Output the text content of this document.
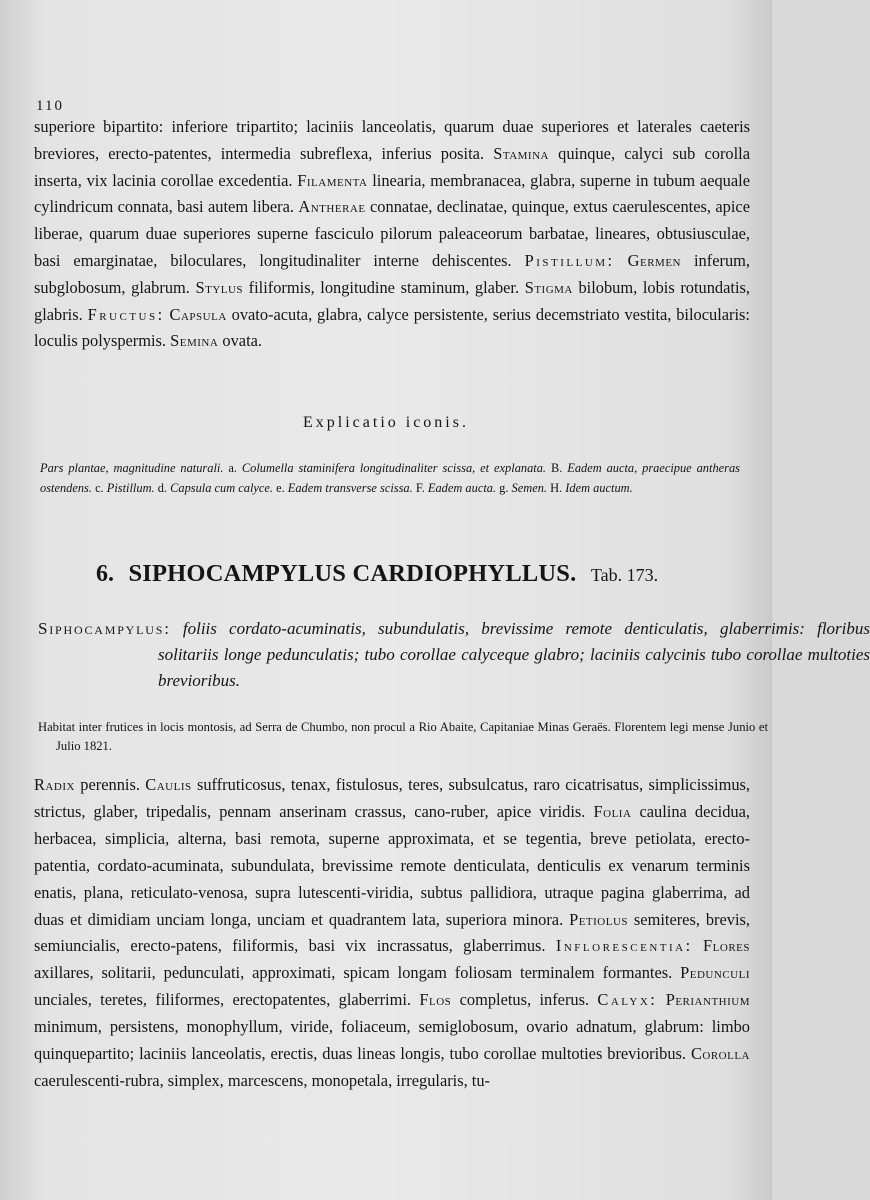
110

superiore bipartito: inferiore tripartito; laciniis lanceolatis, quarum duae superiores et laterales caeteris breviores, erecto-patentes, intermedia subreflexa, inferius posita. Stamina quinque, calyci sub corolla inserta, vix lacinia corollae excedentia. Filamenta linearia, membranacea, glabra, superne in tubum aequale cylindricum connata, basi autem libera. Antherae connatae, declinatae, quinque, extus caerulescentes, apice liberae, quarum duae superiores superne fasciculo pilorum paleaceorum barbatae, lineares, obtusiusculae, basi emarginatae, biloculares, longitudinaliter interne dehiscentes. Pistillum: Germen inferum, subglobosum, glabrum. Stylus filiformis, longitudine staminum, glaber. Stigma bilobum, lobis rotundatis, glabris. Fructus: Capsula ovato-acuta, glabra, calyce persistente, serius decemstriato vestita, bilocularis: loculis polyspermis. Semina ovata.

Explicatio iconis.

Pars plantae, magnitudine naturali. a. Columella staminifera longitudinaliter scissa, et explanata. B. Eadem aucta, praecipue antheras ostendens. c. Pistillum. d. Capsula cum calyce. e. Eadem transverse scissa. F. Eadem aucta. g. Semen. H. Idem auctum.

6. SIPHOCAMPYLUS CARDIOPHYLLUS. Tab. 173.

Siphocampylus: foliis cordato-acuminatis, subundulatis, brevissime remote denticulatis, glaberrimis: floribus solitariis longe pedunculatis; tubo corollae calyceque glabro; laciniis calycinis tubo corollae multoties brevioribus.

Habitat inter frutices in locis montosis, ad Serra de Chumbo, non procul a Rio Abaite, Capitaniae Minas Geraës. Florentem legi mense Junio et Julio 1821.

Radix perennis. Caulis suffruticosus, tenax, fistulosus, teres, subsulcatus, raro cicatrisatus, simplicissimus, strictus, glaber, tripedalis, pennam anserinam crassus, cano-ruber, apice viridis. Folia caulina decidua, herbacea, simplicia, alterna, basi remota, superne approximata, et se tegentia, breve petiolata, erecto-patentia, cordato-acuminata, subundulata, brevissime remote denticulata, denticulis ex venarum terminis enatis, plana, reticulato-venosa, supra lutescenti-viridia, subtus pallidiora, utraque pagina glaberrima, ad duas et dimidiam unciam longa, unciam et quadrantem lata, superiora minora. Petiolus semiteres, brevis, semiuncialis, erecto-patens, filiformis, basi vix incrassatus, glaberrimus. Inflorescentia: Flores axillares, solitarii, pedunculati, approximati, spicam longam foliosam terminalem formantes. Pedunculi unciales, teretes, filiformes, erectopatentes, glaberrimi. Flos completus, inferus. Calyx: Perianthium minimum, persistens, monophyllum, viride, foliaceum, semiglobosum, ovario adnatum, glabrum: limbo quinquepartito; laciniis lanceolatis, erectis, duas lineas longis, tubo corollae multoties brevioribus. Corolla caerulescenti-rubra, simplex, marcescens, monopetala, irregularis, tu-
